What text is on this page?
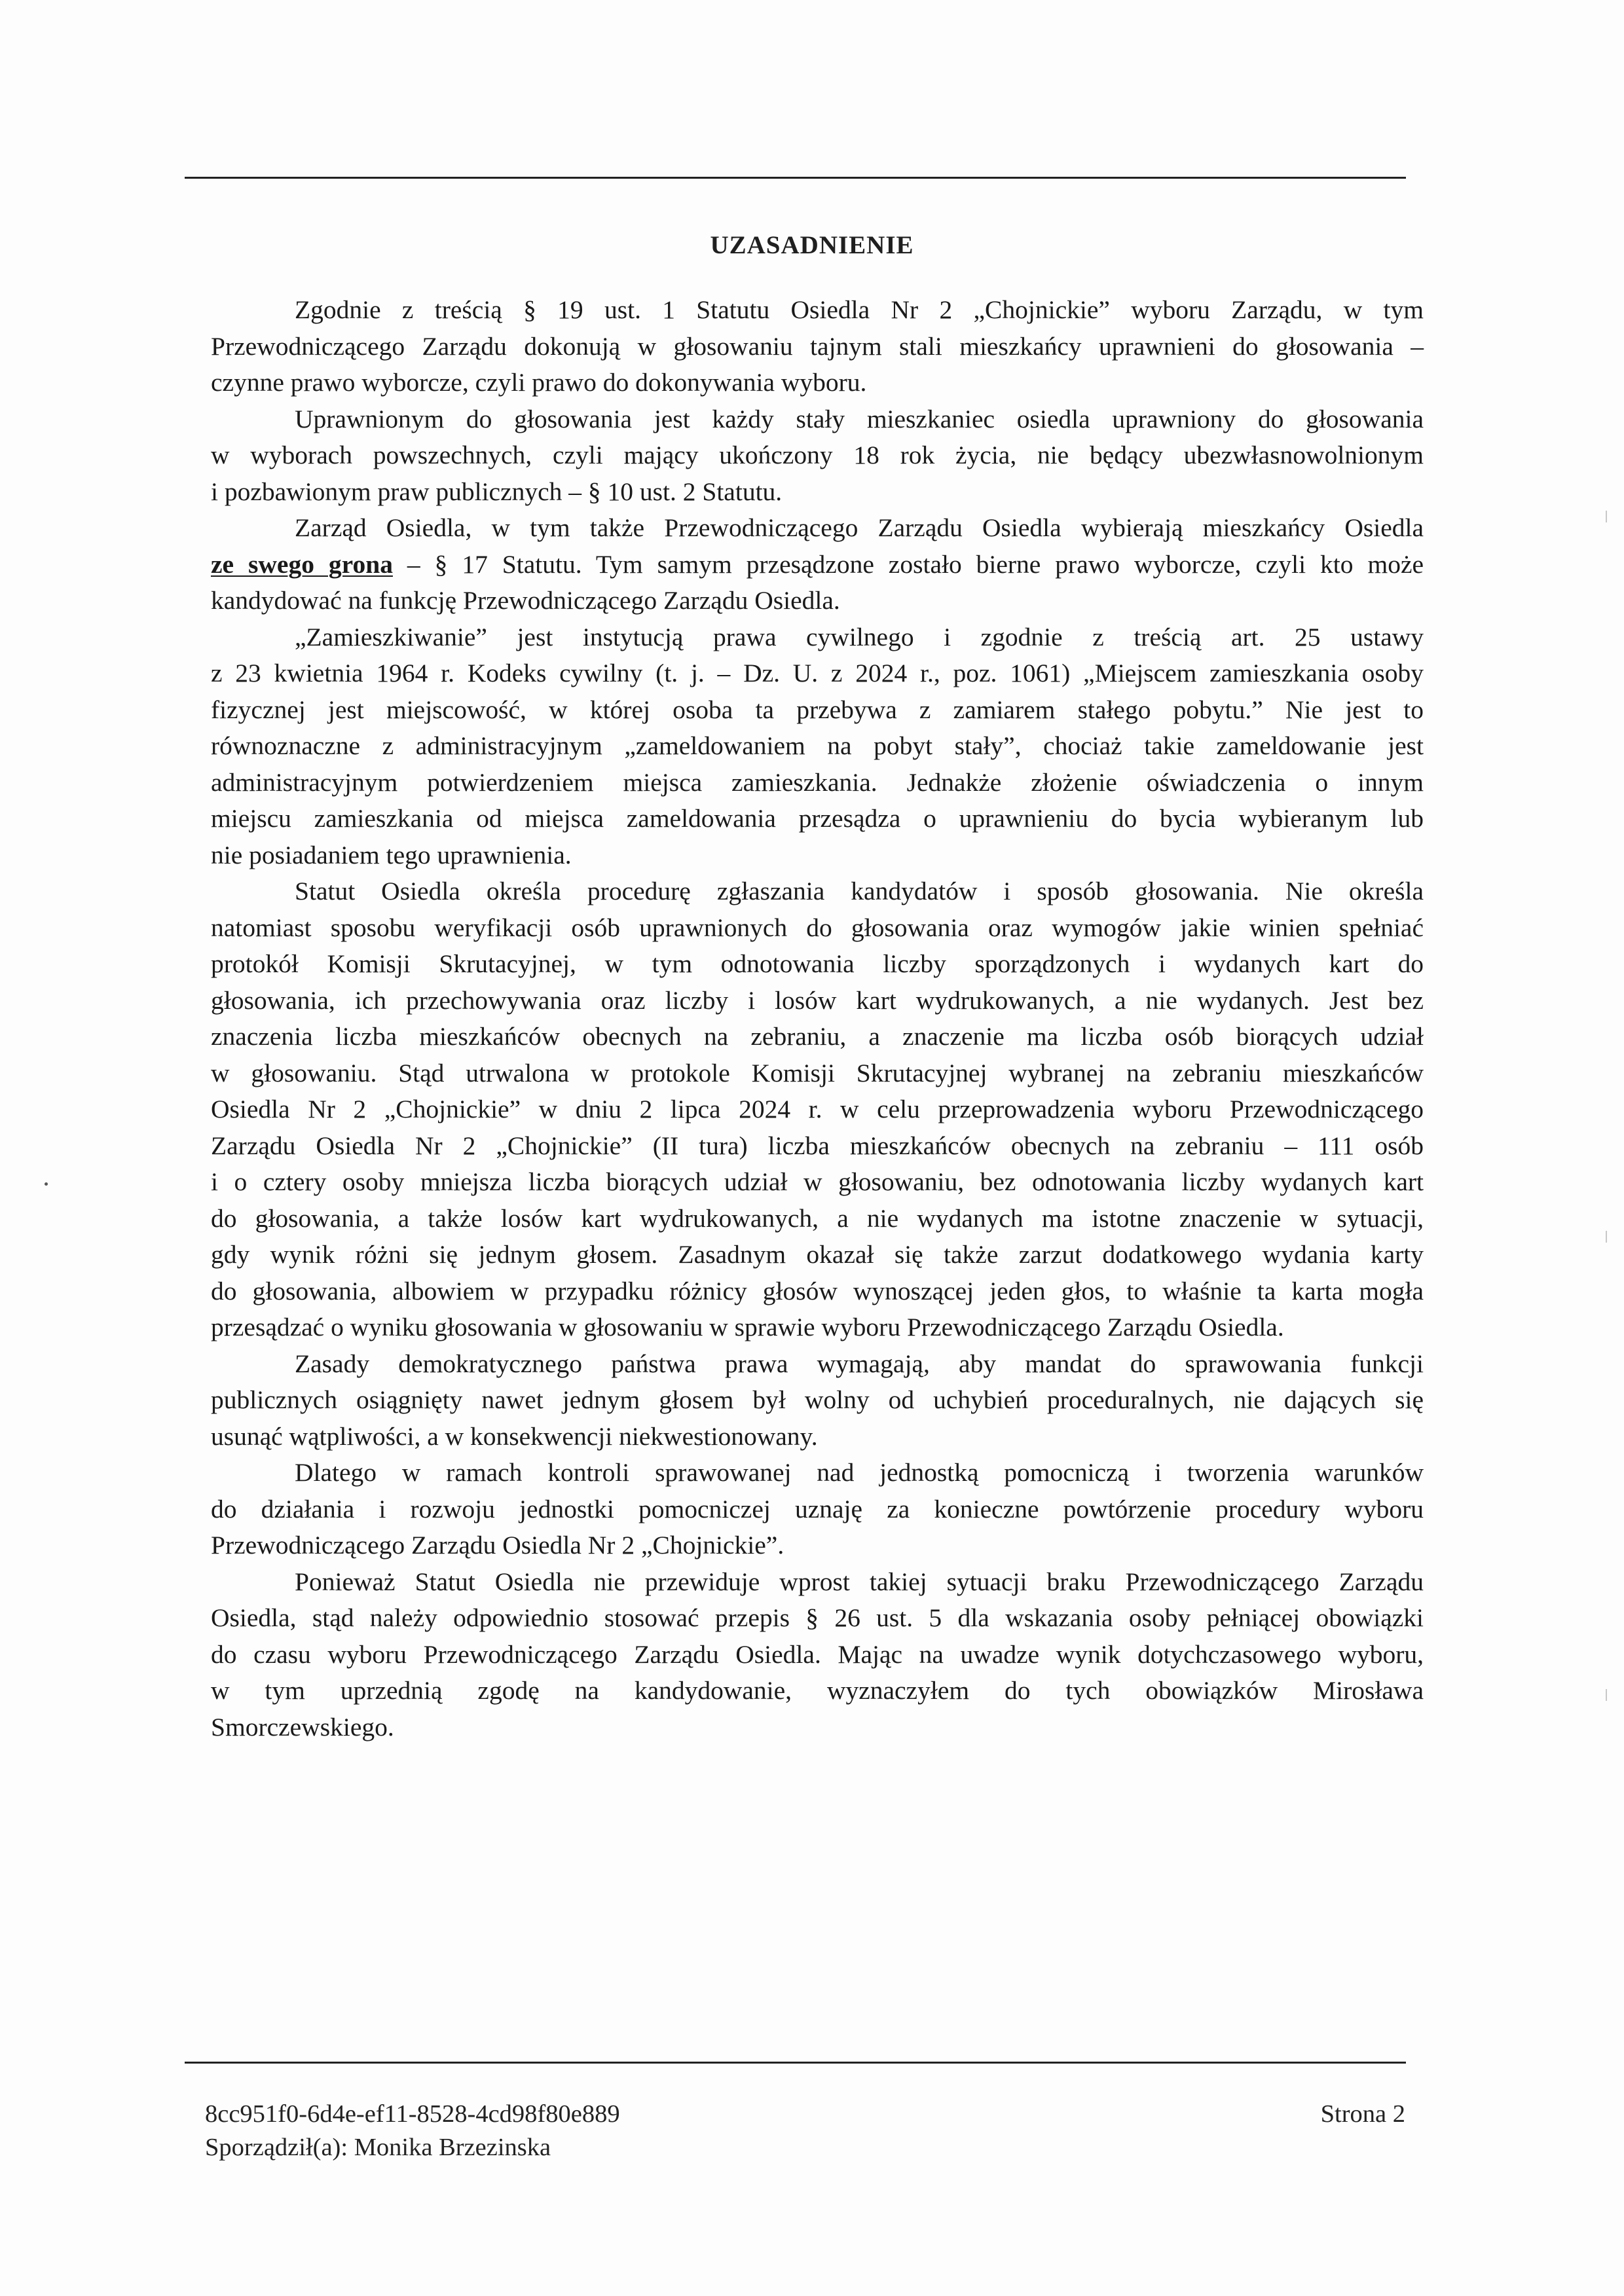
UZASADNIENIE

Zgodnie z treścią § 19 ust. 1 Statutu Osiedla Nr 2 „Chojnickie” wyboru Zarządu, w tym
Przewodniczącego Zarządu dokonują w głosowaniu tajnym stali mieszkańcy uprawnieni do głosowania –
czynne prawo wyborcze, czyli prawo do dokonywania wyboru.

Uprawnionym do głosowania jest każdy stały mieszkaniec osiedla uprawniony do głosowania
w wyborach powszechnych, czyli mający ukończony 18 rok życia, nie będący ubezwłasnowolnionym
i pozbawionym praw publicznych – § 10 ust. 2 Statutu.

Zarząd Osiedla, w tym także Przewodniczącego Zarządu Osiedla wybierają mieszkańcy Osiedla
ze swego grona – § 17 Statutu. Tym samym przesądzone zostało bierne prawo wyborcze, czyli kto może
kandydować na funkcję Przewodniczącego Zarządu Osiedla.

„Zamieszkiwanie” jest instytucją prawa cywilnego i zgodnie z treścią art. 25 ustawy
z 23 kwietnia 1964 r. Kodeks cywilny (t. j. – Dz. U. z 2024 r., poz. 1061) „Miejscem zamieszkania osoby
fizycznej jest miejscowość, w której osoba ta przebywa z zamiarem stałego pobytu.” Nie jest to
równoznaczne z administracyjnym „zameldowaniem na pobyt stały”, chociaż takie zameldowanie jest
administracyjnym potwierdzeniem miejsca zamieszkania. Jednakże złożenie oświadczenia o innym
miejscu zamieszkania od miejsca zameldowania przesądza o uprawnieniu do bycia wybieranym lub
nie posiadaniem tego uprawnienia.

Statut Osiedla określa procedurę zgłaszania kandydatów i sposób głosowania. Nie określa
natomiast sposobu weryfikacji osób uprawnionych do głosowania oraz wymogów jakie winien spełniać
protokół Komisji Skrutacyjnej, w tym odnotowania liczby sporządzonych i wydanych kart do
głosowania, ich przechowywania oraz liczby i losów kart wydrukowanych, a nie wydanych. Jest bez
znaczenia liczba mieszkańców obecnych na zebraniu, a znaczenie ma liczba osób biorących udział
w głosowaniu. Stąd utrwalona w protokole Komisji Skrutacyjnej wybranej na zebraniu mieszkańców
Osiedla Nr 2 „Chojnickie” w dniu 2 lipca 2024 r. w celu przeprowadzenia wyboru Przewodniczącego
Zarządu Osiedla Nr 2 „Chojnickie” (II tura) liczba mieszkańców obecnych na zebraniu – 111 osób
i o cztery osoby mniejsza liczba biorących udział w głosowaniu, bez odnotowania liczby wydanych kart
do głosowania, a także losów kart wydrukowanych, a nie wydanych ma istotne znaczenie w sytuacji,
gdy wynik różni się jednym głosem. Zasadnym okazał się także zarzut dodatkowego wydania karty
do głosowania, albowiem w przypadku różnicy głosów wynoszącej jeden głos, to właśnie ta karta mogła
przesądzać o wyniku głosowania w głosowaniu w sprawie wyboru Przewodniczącego Zarządu Osiedla.

Zasady demokratycznego państwa prawa wymagają, aby mandat do sprawowania funkcji
publicznych osiągnięty nawet jednym głosem był wolny od uchybień proceduralnych, nie dających się
usunąć wątpliwości, a w konsekwencji niekwestionowany.

Dlatego w ramach kontroli sprawowanej nad jednostką pomocniczą i tworzenia warunków
do działania i rozwoju jednostki pomocniczej uznaję za konieczne powtórzenie procedury wyboru
Przewodniczącego Zarządu Osiedla Nr 2 „Chojnickie”.

Ponieważ Statut Osiedla nie przewiduje wprost takiej sytuacji braku Przewodniczącego Zarządu
Osiedla, stąd należy odpowiednio stosować przepis § 26 ust. 5 dla wskazania osoby pełniącej obowiązki
do czasu wyboru Przewodniczącego Zarządu Osiedla. Mając na uwadze wynik dotychczasowego wyboru,
w tym uprzednią zgodę na kandydowanie, wyznaczyłem do tych obowiązków Mirosława
Smorczewskiego.

8cc951f0-6d4e-ef11-8528-4cd98f80e889
Sporządził(a): Monika Brzezinska
Strona 2
